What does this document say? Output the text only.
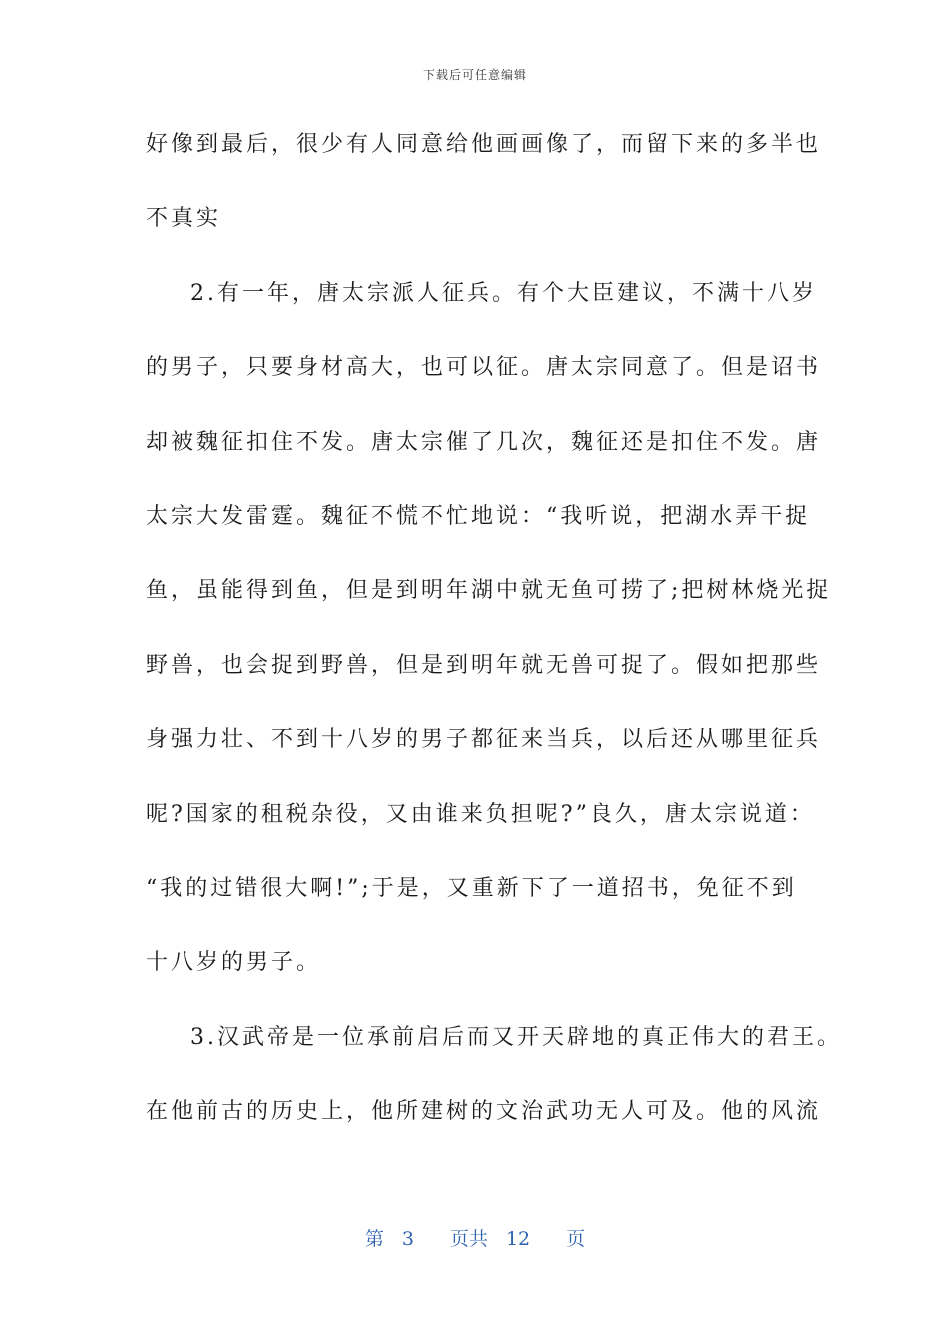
下载后可任意编辑
好像到最后，很少有人同意给他画画像了，而留下来的多半也
不真实
2.有一年，唐太宗派人征兵。有个大臣建议，不满十八岁
的男子，只要身材高大，也可以征。唐太宗同意了。但是诏书
却被魏征扣住不发。唐太宗催了几次，魏征还是扣住不发。唐
太宗大发雷霆。魏征不慌不忙地说：“我听说，把湖水弄干捉
鱼，虽能得到鱼，但是到明年湖中就无鱼可捞了;把树林烧光捉
野兽，也会捉到野兽，但是到明年就无兽可捉了。假如把那些
身强力壮、不到十八岁的男子都征来当兵，以后还从哪里征兵
呢?国家的租税杂役，又由谁来负担呢?”良久，唐太宗说道：
“我的过错很大啊!”;于是，又重新下了一道招书，免征不到
十八岁的男子。
3.汉武帝是一位承前启后而又开天辟地的真正伟大的君王。
在他前古的历史上，他所建树的文治武功无人可及。他的风流
第 3 页共 12 页
